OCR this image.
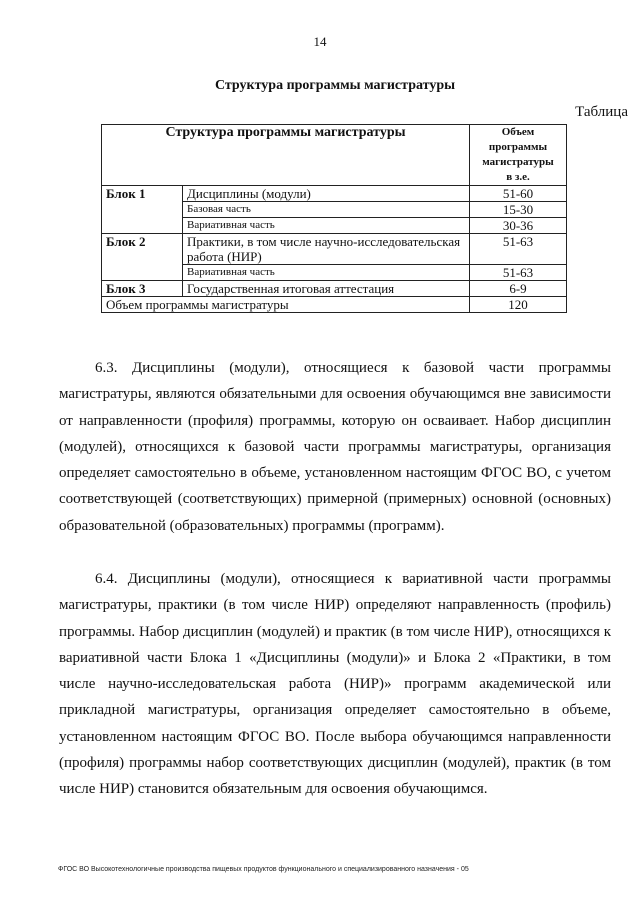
14
Структура программы магистратуры
Таблица
Структура программы магистратуры		Объем
программы
магистратуры
в з.е.

Блок 1	Дисциплины (модули)	51-60
	Базовая часть	15-30
	Вариативная часть	30-36
Блок 2	Практики, в том числе научно-исследовательская работа (НИР)	51-63
	Вариативная часть	51-63
Блок 3	Государственная итоговая аттестация	6-9
Объем программы магистратуры		120

6.3. Дисциплины (модули), относящиеся к базовой части программы магистратуры, являются обязательными для освоения обучающимся вне зависимости от направленности (профиля) программы, которую он осваивает. Набор дисциплин (модулей), относящихся к базовой части программы магистратуры, организация определяет самостоятельно в объеме, установленном настоящим ФГОС ВО, с учетом соответствующей (соответствующих) примерной (примерных) основной (основных) образовательной (образовательных) программы (программ).

6.4. Дисциплины (модули), относящиеся к вариативной части программы магистратуры, практики (в том числе НИР) определяют направленность (профиль) программы. Набор дисциплин (модулей) и практик (в том числе НИР), относящихся к вариативной части Блока 1 «Дисциплины (модули)» и Блока 2 «Практики, в том числе научно-исследовательская работа (НИР)» программ академической или прикладной магистратуры, организация определяет самостоятельно в объеме, установленном настоящим ФГОС ВО. После выбора обучающимся направленности (профиля) программы набор соответствующих дисциплин (модулей), практик (в том числе НИР) становится обязательным для освоения обучающимся.

ФГОС ВО Высокотехнологичные производства пищевых продуктов функционального и специализированного назначения - 05
